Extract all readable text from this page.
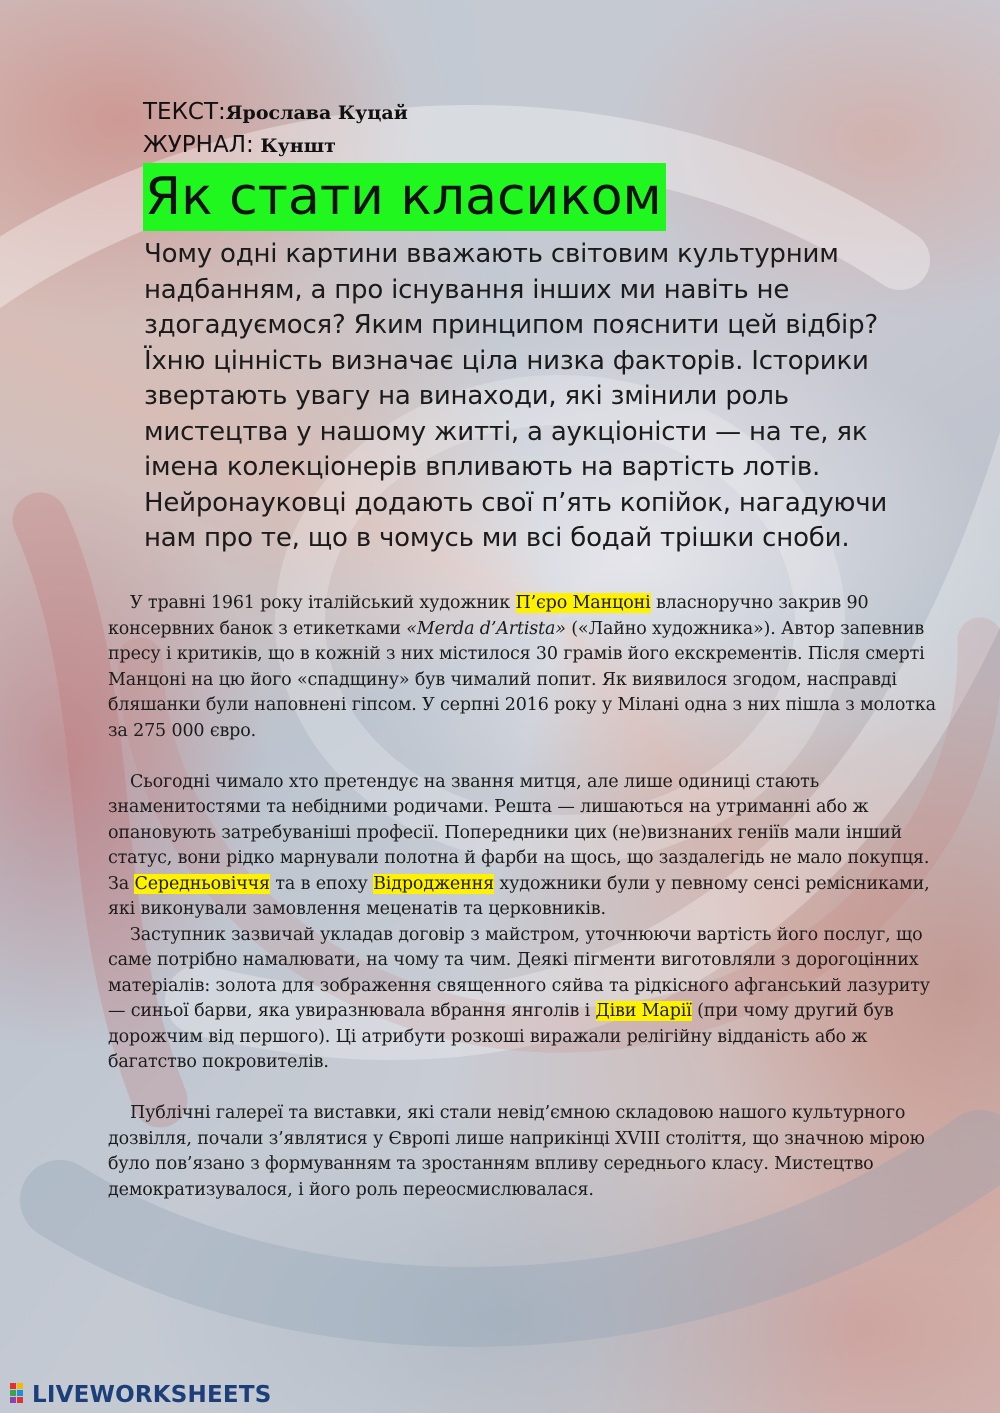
ТЕКСТ:Ярослава Куцай
ЖУРНАЛ: Куншт
Як стати класиком

Чому одні картини вважають світовим культурним надбанням, а про існування інших ми навіть не здогадуємося? Яким принципом пояснити цей відбір? Їхню цінність визначає ціла низка факторів. Історики звертають увагу на винаходи, які змінили роль мистецтва у нашому житті, а аукціоністи — на те, як імена колекціонерів впливають на вартість лотів. Нейронауковці додають свої п’ять копійок, нагадуючи нам про те, що в чомусь ми всі бодай трішки сноби.

У травні 1961 року італійський художник П’єро Манцоні власноручно закрив 90 консервних банок з етикетками «Merda d’Artista» («Лайно художника»). Автор запевнив пресу і критиків, що в кожній з них містилося 30 грамів його екскрементів. Після смерті Манцоні на цю його «спадщину» був чималий попит. Як виявилося згодом, насправді бляшанки були наповнені гіпсом. У серпні 2016 року у Мілані одна з них пішла з молотка за 275 000 євро.

Сьогодні чимало хто претендує на звання митця, але лише одиниці стають знаменитостями та небідними родичами. Решта — лишаються на утриманні або ж опановують затребуваніші професії. Попередники цих (не)визнаних геніїв мали інший статус, вони рідко марнували полотна й фарби на щось, що заздалегідь не мало покупця. За Середньовіччя та в епоху Відродження художники були у певному сенсі ремісниками, які виконували замовлення меценатів та церковників.

Заступник зазвичай укладав договір з майстром, уточнюючи вартість його послуг, що саме потрібно намалювати, на чому та чим. Деякі пігменти виготовляли з дорогоцінних матеріалів: золота для зображення священного сяйва та рідкісного афганський лазуриту — синьої барви, яка увиразнювала вбрання янголів і Діви Марії (при чому другий був дорожчим від першого). Ці атрибути розкоші виражали релігійну відданість або ж багатство покровителів.

Публічні галереї та виставки, які стали невід’ємною складовою нашого культурного дозвілля, почали з’являтися у Європі лише наприкінці XVIII століття, що значною мірою було пов’язано з формуванням та зростанням впливу середнього класу. Мистецтво демократизувалося, і його роль переосмислювалася.

LIVEWORKSHEETS
